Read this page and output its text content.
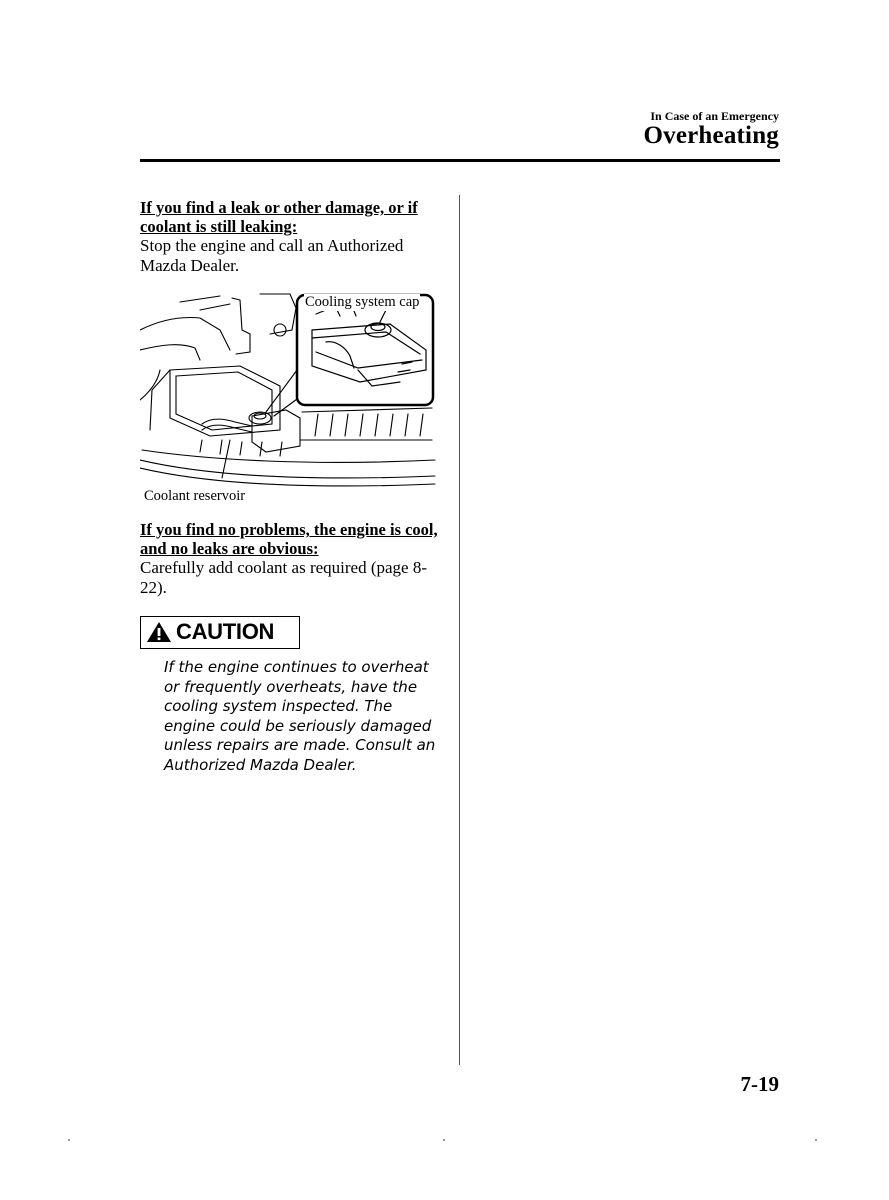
In Case of an Emergency
Overheating

If you find a leak or other damage, or if coolant is still leaking:

Stop the engine and call an Authorized Mazda Dealer.

Cooling system cap
Coolant reservoir

If you find no problems, the engine is cool, and no leaks are obvious:

Carefully add coolant as required (page 8-22).

CAUTION

If the engine continues to overheat or frequently overheats, have the cooling system inspected. The engine could be seriously damaged unless repairs are made. Consult an Authorized Mazda Dealer.

7-19
